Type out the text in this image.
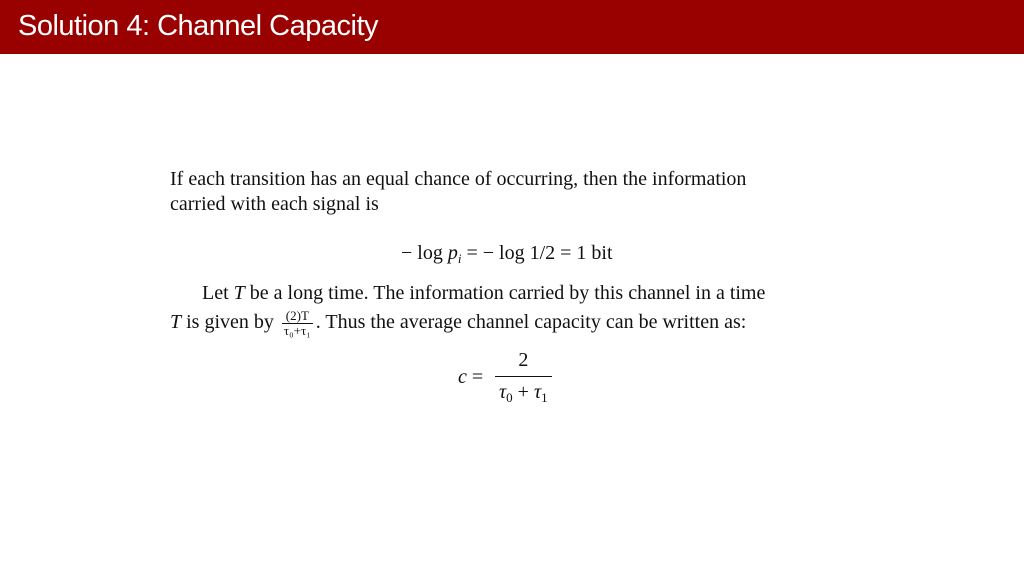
Solution 4: Channel Capacity
If each transition has an equal chance of occurring, then the information
carried with each signal is
− $\log p_i$ = − log 1/2 = 1 bit
Let T be a long time. The information carried by this channel in a time
T is given by $\frac{(2)T}{\text{τ₀+τ₁}}$ . Thus the average channel capacity can be written as:
$c = \frac{2}{\tau_0 + \tau_1}$
